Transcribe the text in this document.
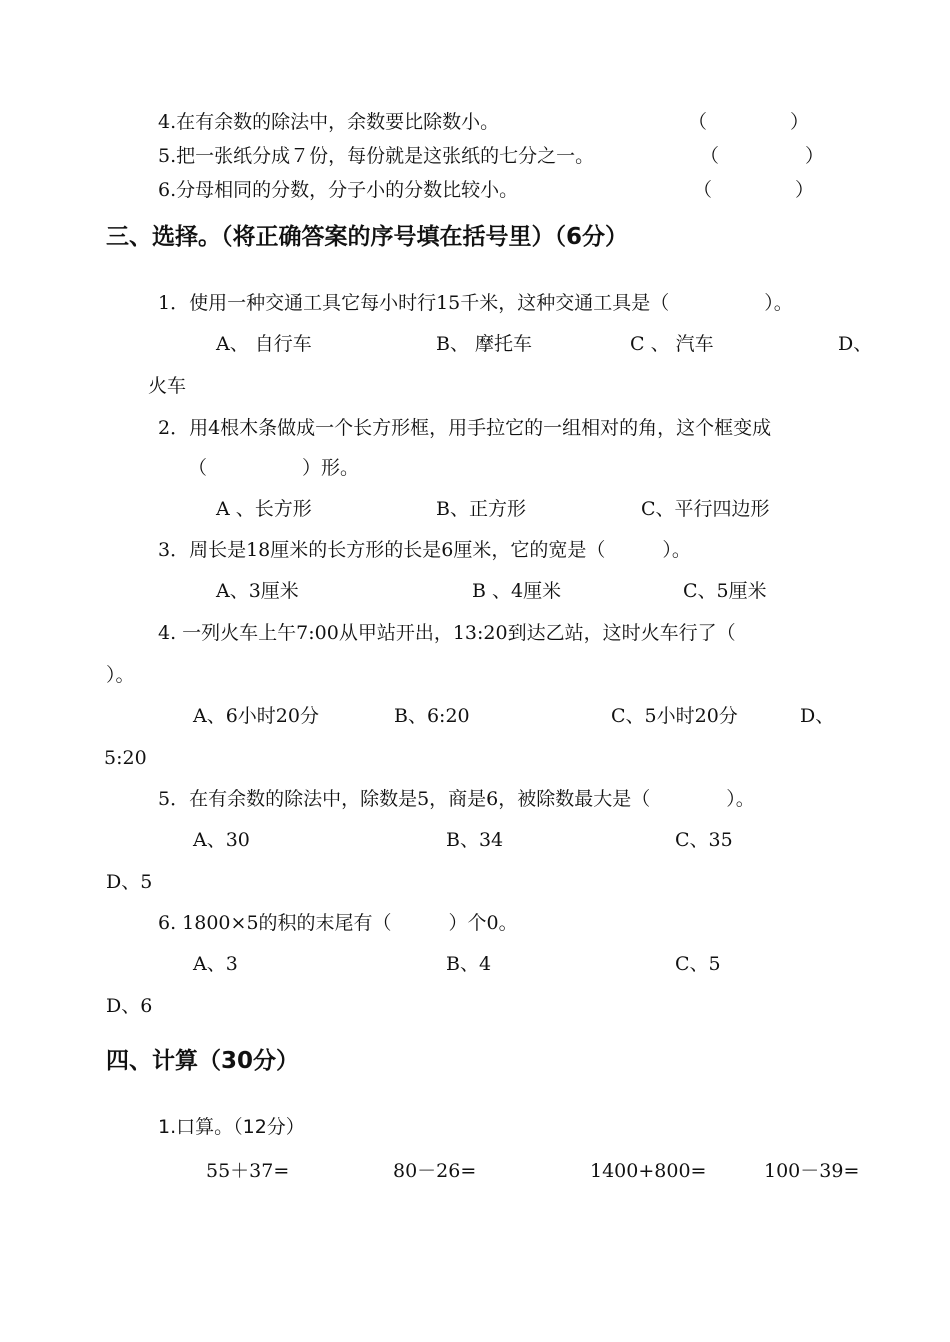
4.在有余数的除法中，余数要比除数小。	（	）
5.把一张纸分成７份，每份就是这张纸的七分之一。	（	）
6.分母相同的分数，分子小的分数比较小。	（	）
三、选择。（将正确答案的序号填在括号里）（6分）
1．使用一种交通工具它每小时行15千米，这种交通工具是（　　　　　）。
A、 自行车	B、 摩托车	C 、 汽车	D、
火车
2．用4根木条做成一个长方形框，用手拉它的一组相对的角，这个框变成
（　　　　　）形。
A 、长方形	B、正方形	C、平行四边形
3．周长是18厘米的长方形的长是6厘米，它的宽是（　　　）。
A、3厘米	B 、4厘米	C、5厘米
4. 一列火车上午7:00从甲站开出，13:20到达乙站，这时火车行了（
）。
A、6小时20分	B、6:20	C、5小时20分	D、
5:20
5．在有余数的除法中，除数是5，商是6，被除数最大是（　　　　）。
A、30	B、34	C、35
D、5
6. 1800×5的积的末尾有（　　　）个0。
A、3	B、4	C、5
D、6
四、计算（30分）
1.口算。（12分）
55＋37=	80－26=	1400+800=	100－39=
